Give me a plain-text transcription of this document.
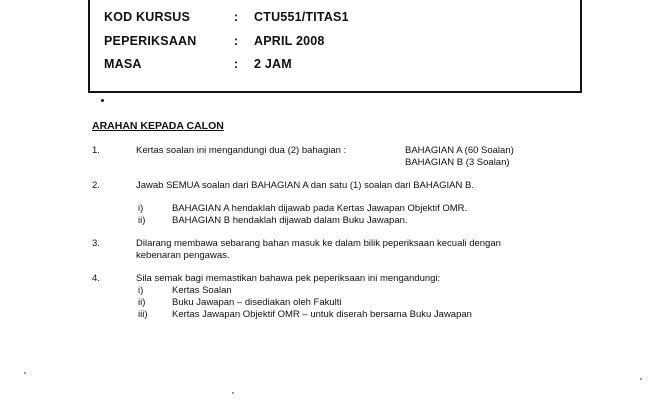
KOD KURSUS	: CTU551/TITAS1
PEPERIKSAAN	: APRIL 2008
MASA	: 2 JAM
ARAHAN KEPADA CALON
1.	Kertas soalan ini mengandungi dua (2) bahagian :	BAHAGIAN A (60 Soalan)
BAHAGIAN B (3 Soalan)
2.	Jawab SEMUA soalan dari BAHAGIAN A dan satu (1) soalan dari BAHAGIAN B.
i)	BAHAGIAN A hendaklah dijawab pada Kertas Jawapan Objektif OMR.
ii)	BAHAGIAN B hendaklah dijawab dalam Buku Jawapan.
3.	Dilarang membawa sebarang bahan masuk ke dalam bilik peperiksaan kecuali dengan
kebenaran pengawas.
4.	Sila semak bagi memastikan bahawa pek peperiksaan ini mengandungi:
i)	Kertas Soalan
ii)	Buku Jawapan – disediakan oleh Fakulti
iii)	Kertas Jawapan Objektif OMR – untuk diserah bersama Buku Jawapan
